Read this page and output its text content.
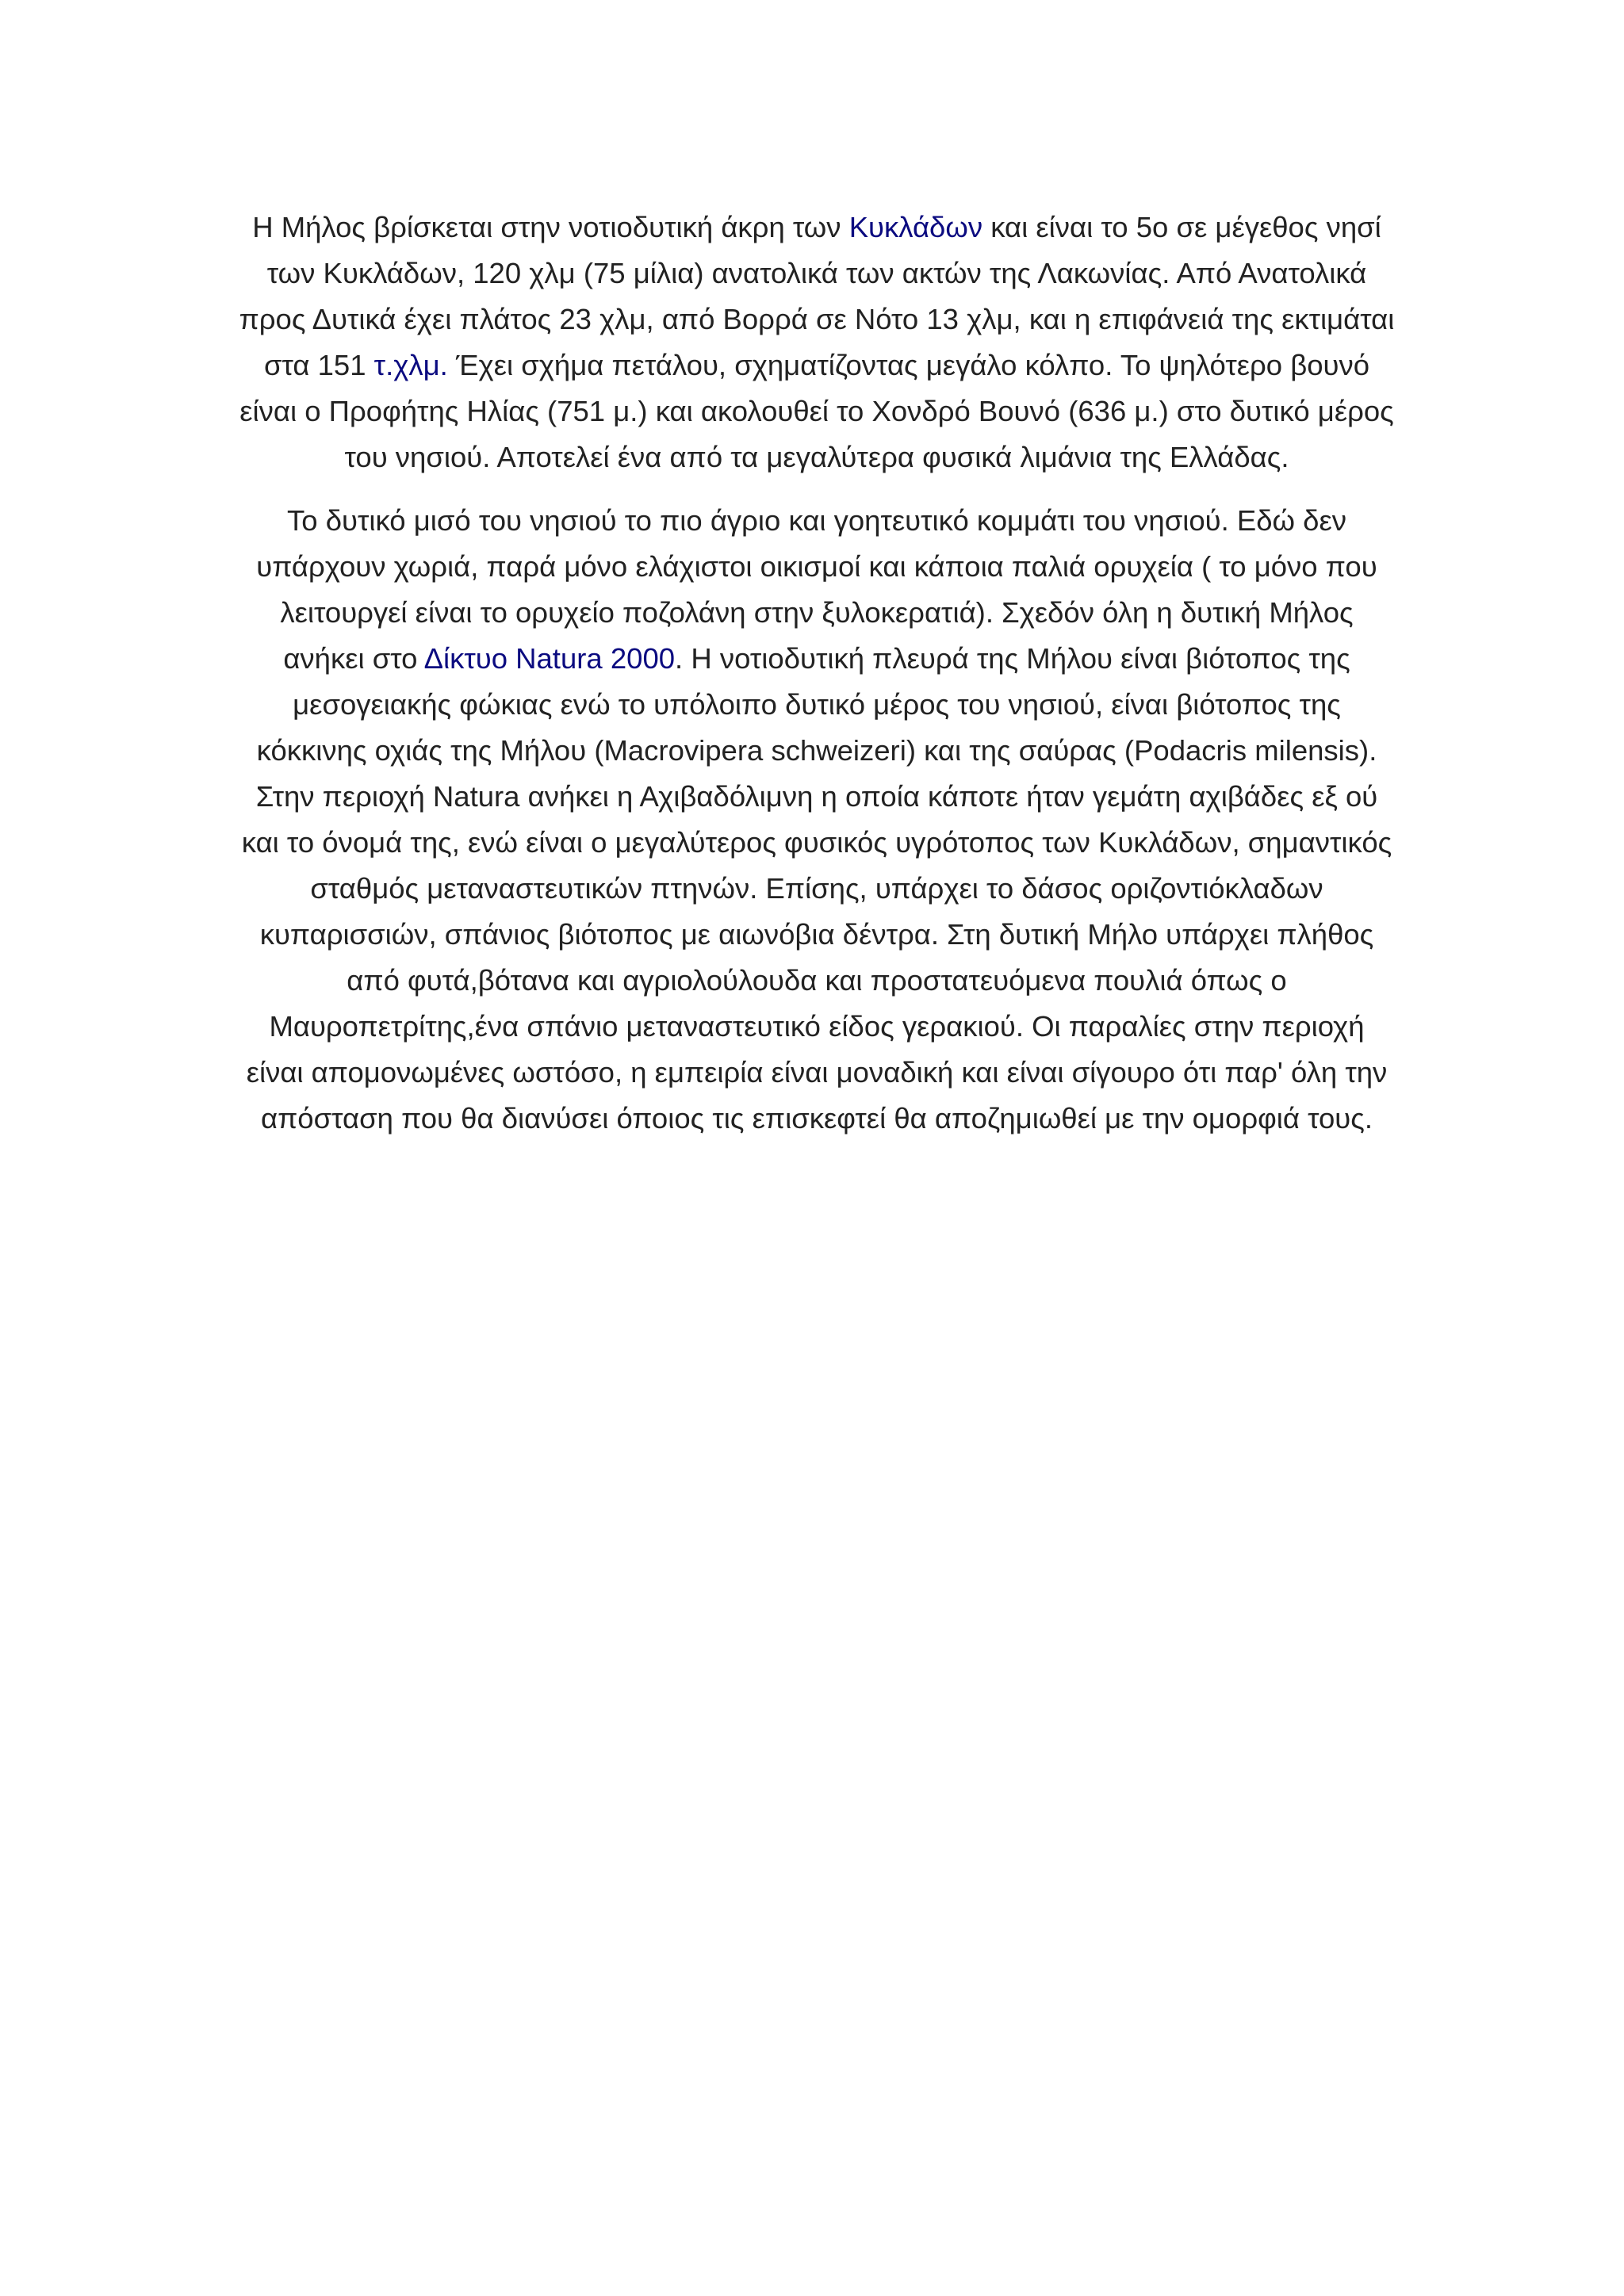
Η Μήλος βρίσκεται στην νοτιοδυτική άκρη των Κυκλάδων και είναι το 5ο σε μέγεθος νησί των Κυκλάδων, 120 χλμ (75 μίλια) ανατολικά των ακτών της Λακωνίας. Από Ανατολικά προς Δυτικά έχει πλάτος 23 χλμ, από Βορρά σε Νότο 13 χλμ, και η επιφάνειά της εκτιμάται στα 151 τ.χλμ. Έχει σχήμα πετάλου, σχηματίζοντας μεγάλο κόλπο. Το ψηλότερο βουνό είναι ο Προφήτης Ηλίας (751 μ.) και ακολουθεί το Χονδρό Βουνό (636 μ.) στο δυτικό μέρος του νησιού. Αποτελεί ένα από τα μεγαλύτερα φυσικά λιμάνια της Ελλάδας.

Το δυτικό μισό του νησιού το πιο άγριο και γοητευτικό κομμάτι του νησιού. Εδώ δεν υπάρχουν χωριά, παρά μόνο ελάχιστοι οικισμοί και κάποια παλιά ορυχεία ( το μόνο που λειτουργεί είναι το ορυχείο ποζολάνη στην ξυλοκερατιά). Σχεδόν όλη η δυτική Μήλος ανήκει στο Δίκτυο Natura 2000. Η νοτιοδυτική πλευρά της Μήλου είναι βιότοπος της μεσογειακής φώκιας ενώ το υπόλοιπο δυτικό μέρος του νησιού, είναι βιότοπος της κόκκινης οχιάς της Μήλου (Macrovipera schweizeri) και της σαύρας (Podacris milensis). Στην περιοχή Natura ανήκει η Αχιβαδόλιμνη η οποία κάποτε ήταν γεμάτη αχιβάδες εξ ού και το όνομά της, ενώ είναι ο μεγαλύτερος φυσικός υγρότοπος των Κυκλάδων, σημαντικός σταθμός μεταναστευτικών πτηνών. Επίσης, υπάρχει το δάσος οριζοντιόκλαδων κυπαρισσιών, σπάνιος βιότοπος με αιωνόβια δέντρα. Στη δυτική Μήλο υπάρχει πλήθος από φυτά,βότανα και αγριολούλουδα και προστατευόμενα πουλιά όπως ο Μαυροπετρίτης,ένα σπάνιο μεταναστευτικό είδος γερακιού. Οι παραλίες στην περιοχή είναι απομονωμένες ωστόσο, η εμπειρία είναι μοναδική και είναι σίγουρο ότι παρ' όλη την απόσταση που θα διανύσει όποιος τις επισκεφτεί θα αποζημιωθεί με την ομορφιά τους.
